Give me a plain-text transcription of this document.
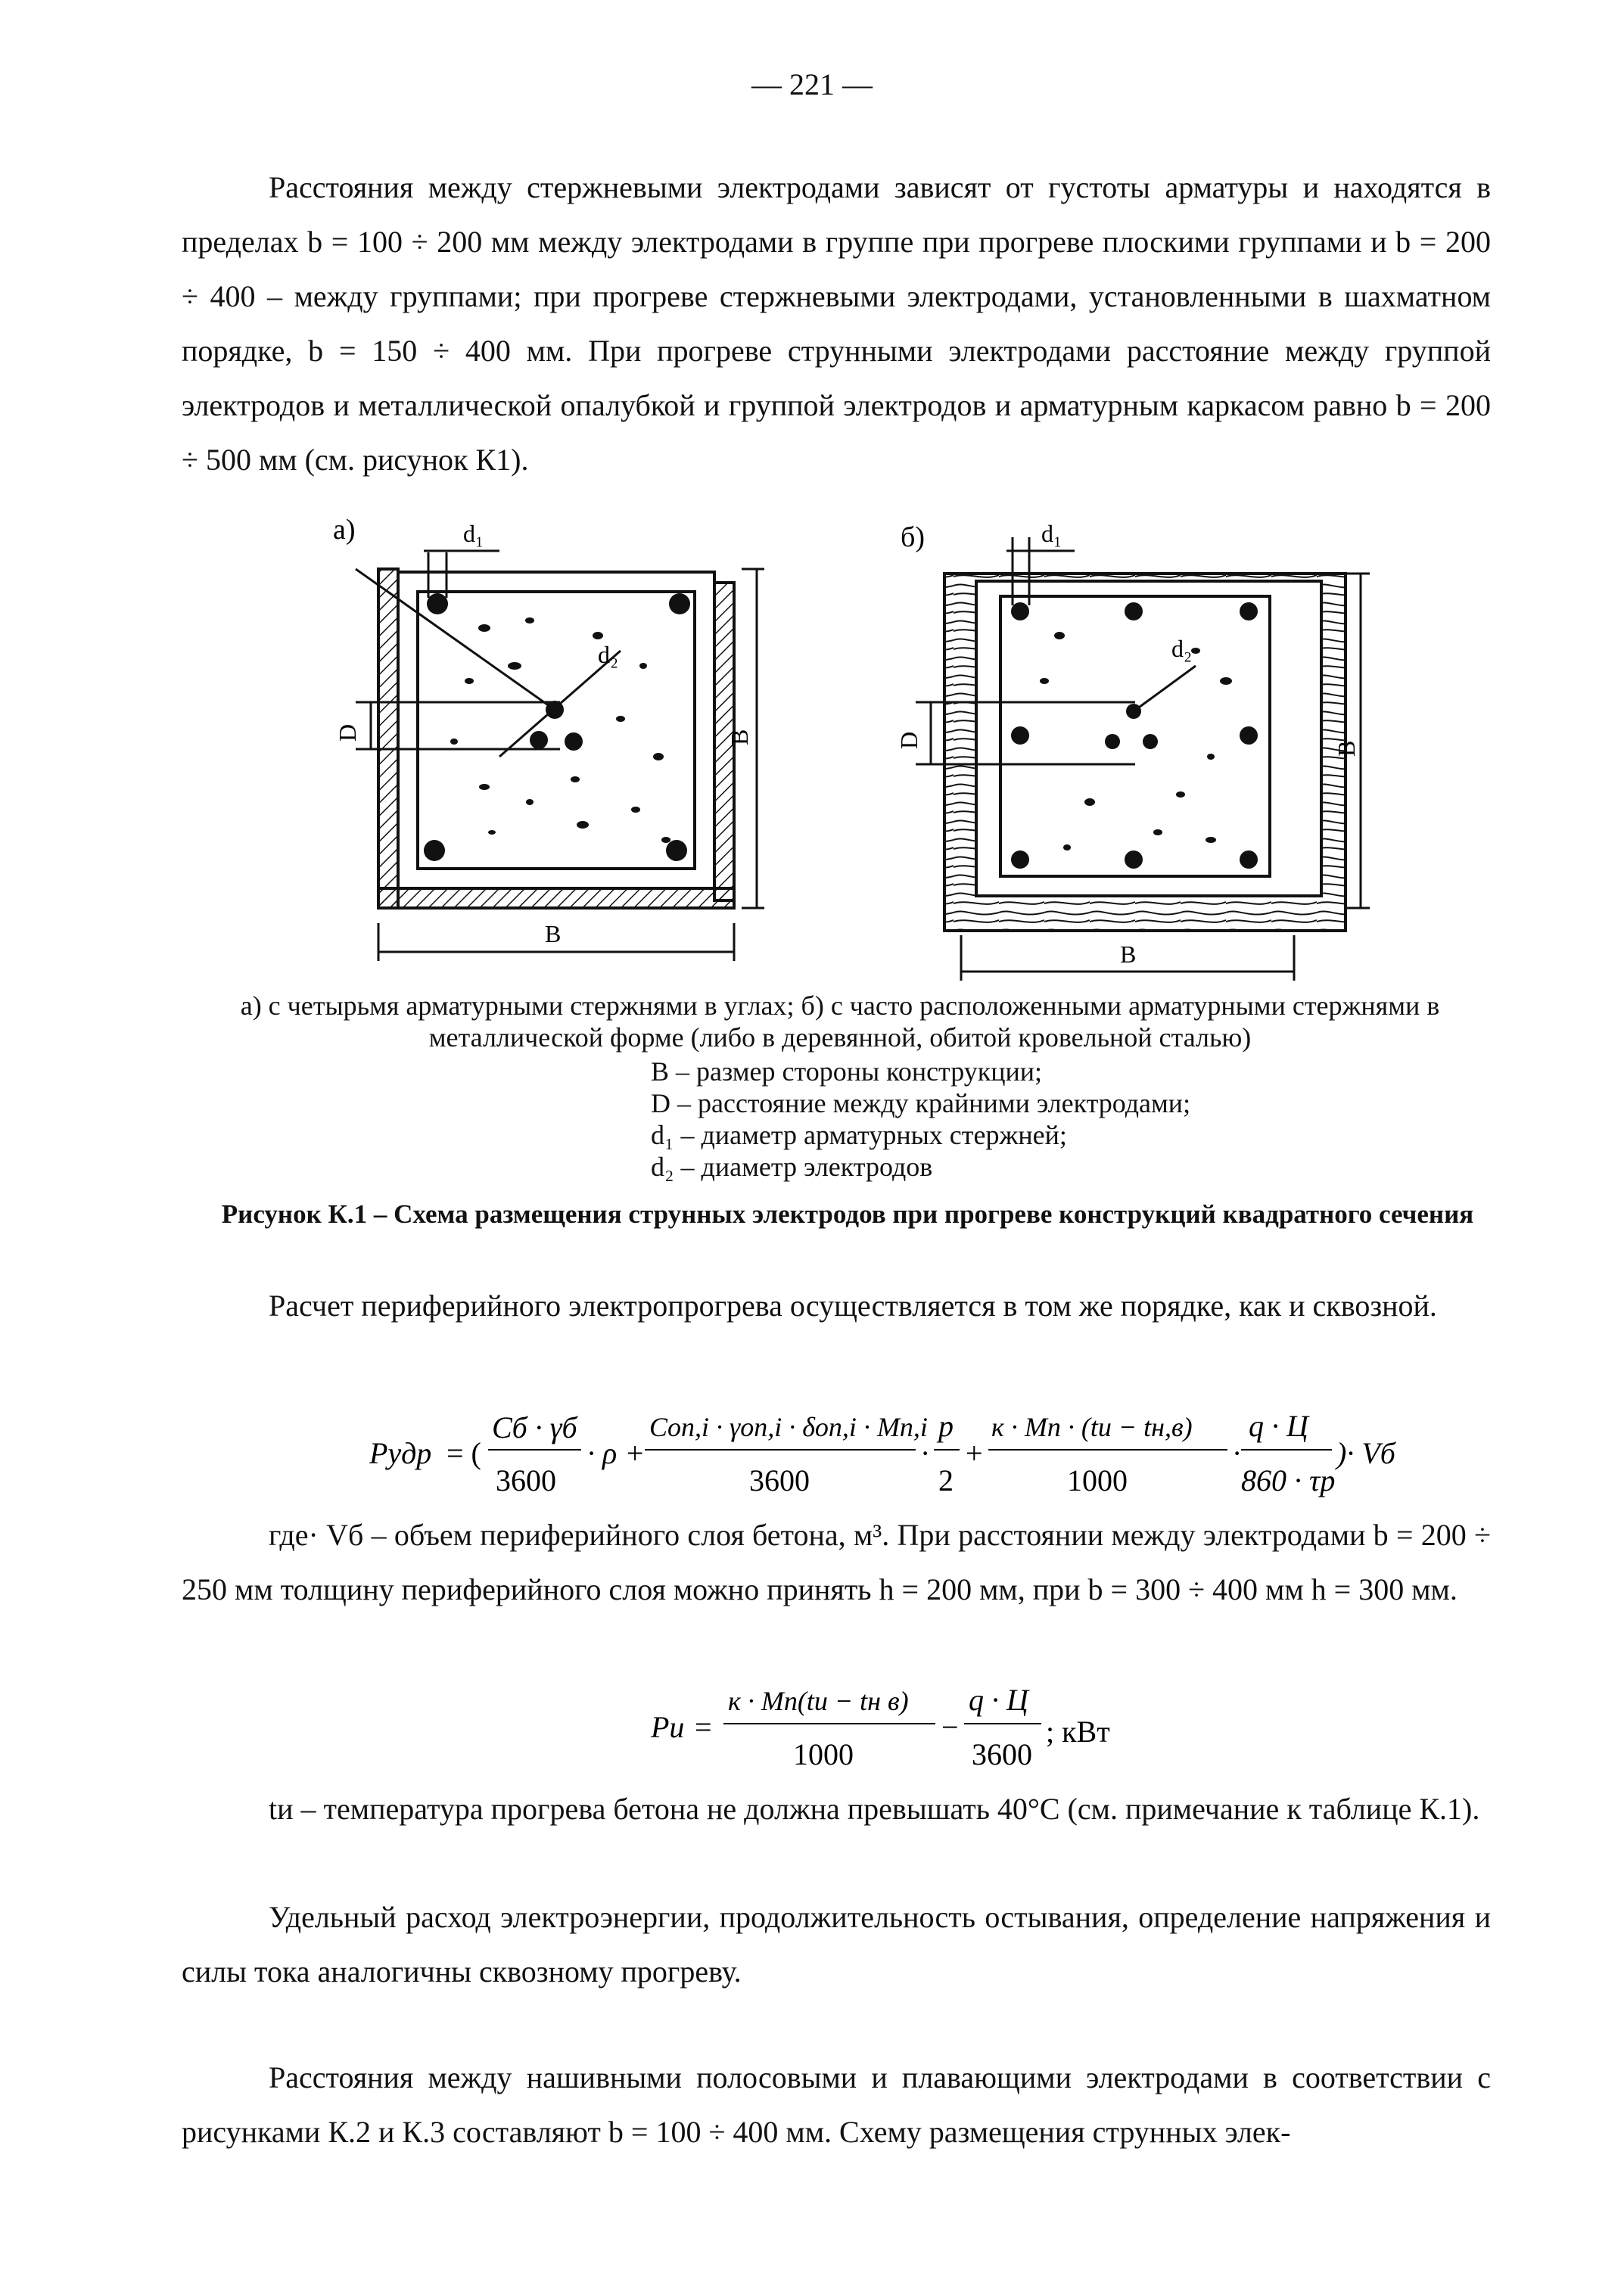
— 221 —
Расстояния между стержневыми электродами зависят от густоты арматуры и находятся в пределах b = 100 ÷ 200 мм между электродами в группе при прогреве плоскими группами и b = 200 ÷ 400 – между группами; при прогреве стержневыми электродами, установленными в шахматном порядке, b = 150 ÷ 400 мм. При прогреве струнными электродами расстояние между группой электродов и металлической опалубкой и группой электродов и арматурным каркасом равно b = 200 ÷ 500 мм (см. рисунок К1).
а)	d₁
d₂
D
B
B
б)	d₁
d₂
D
B
B
а) с четырьмя арматурными стержнями в углах; б) с часто расположенными арматурными стержнями в металлической форме (либо в деревянной, обитой кровельной сталью)
В – размер стороны конструкции;
D – расстояние между крайними электродами;
d₁ – диаметр арматурных стержней;
d₂ – диаметр электродов
Рисунок К.1 – Схема размещения струнных электродов при прогреве конструкций квадратного сечения
Расчет периферийного электропрогрева осуществляется в том же порядке, как и сквозной.
Pудр = (
Cб · γб
3600
· ρ +
Cоп,i · γоп,i · δоп,i · Mп,i
3600
·
p
2
+
к · Mп · (tи − tн,в)
1000
·
q · Ц
860 · τр
)· Vб
где· Vб – объем периферийного слоя бетона, м³. При расстоянии между электродами b = 200 ÷ 250 мм толщину периферийного слоя можно принять h = 200 мм, при b = 300 ÷ 400 мм h = 300 мм.
Pи =
к · Mп(tи − tн в)
1000
−
q · Ц
3600
; кВт
tи – температура прогрева бетона не должна превышать 40°C (см. примечание к таблице К.1).
Удельный расход электроэнергии, продолжительность остывания, определение напряжения и силы тока аналогичны сквозному прогреву.
Расстояния между нашивными полосовыми и плавающими электродами в соответствии с рисунками К.2 и К.3 составляют b = 100 ÷ 400 мм. Схему размещения струнных элек-
